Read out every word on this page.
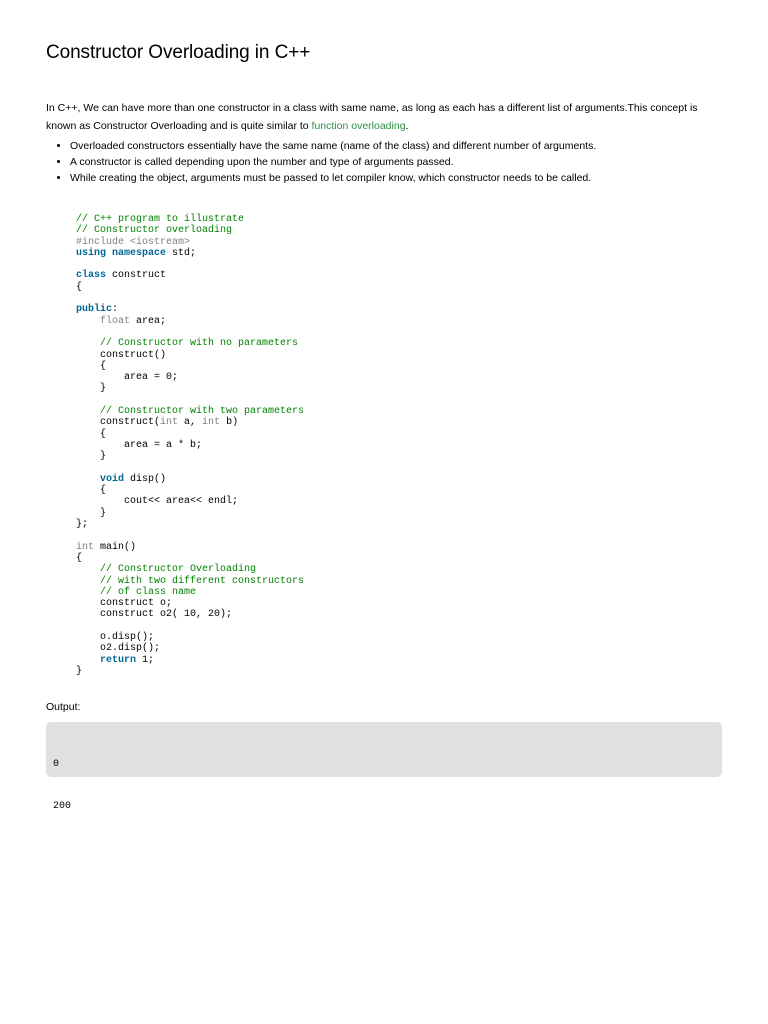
Constructor Overloading in C++

In C++, We can have more than one constructor in a class with same name, as long as each has a different list of arguments.This concept is known as Constructor Overloading and is quite similar to function overloading.

• Overloaded constructors essentially have the same name (name of the class) and different number of arguments.
• A constructor is called depending upon the number and type of arguments passed.
• While creating the object, arguments must be passed to let compiler know, which constructor needs to be called.
// C++ program to illustrate
// Constructor overloading
#include <iostream>
using namespace std;
class construct
{
public:
float area;
// Constructor with no parameters
construct()
{
area = 0;
}
// Constructor with two parameters
construct(int a, int b)
{
area = a * b;
}
void disp()
{
cout<< area<< endl;
}
};
int main()
{
// Constructor Overloading
// with two different constructors
// of class name
construct o;
construct o2( 10, 20);
o.disp();
o2.disp();
return 1;
}

Output:

0

200
